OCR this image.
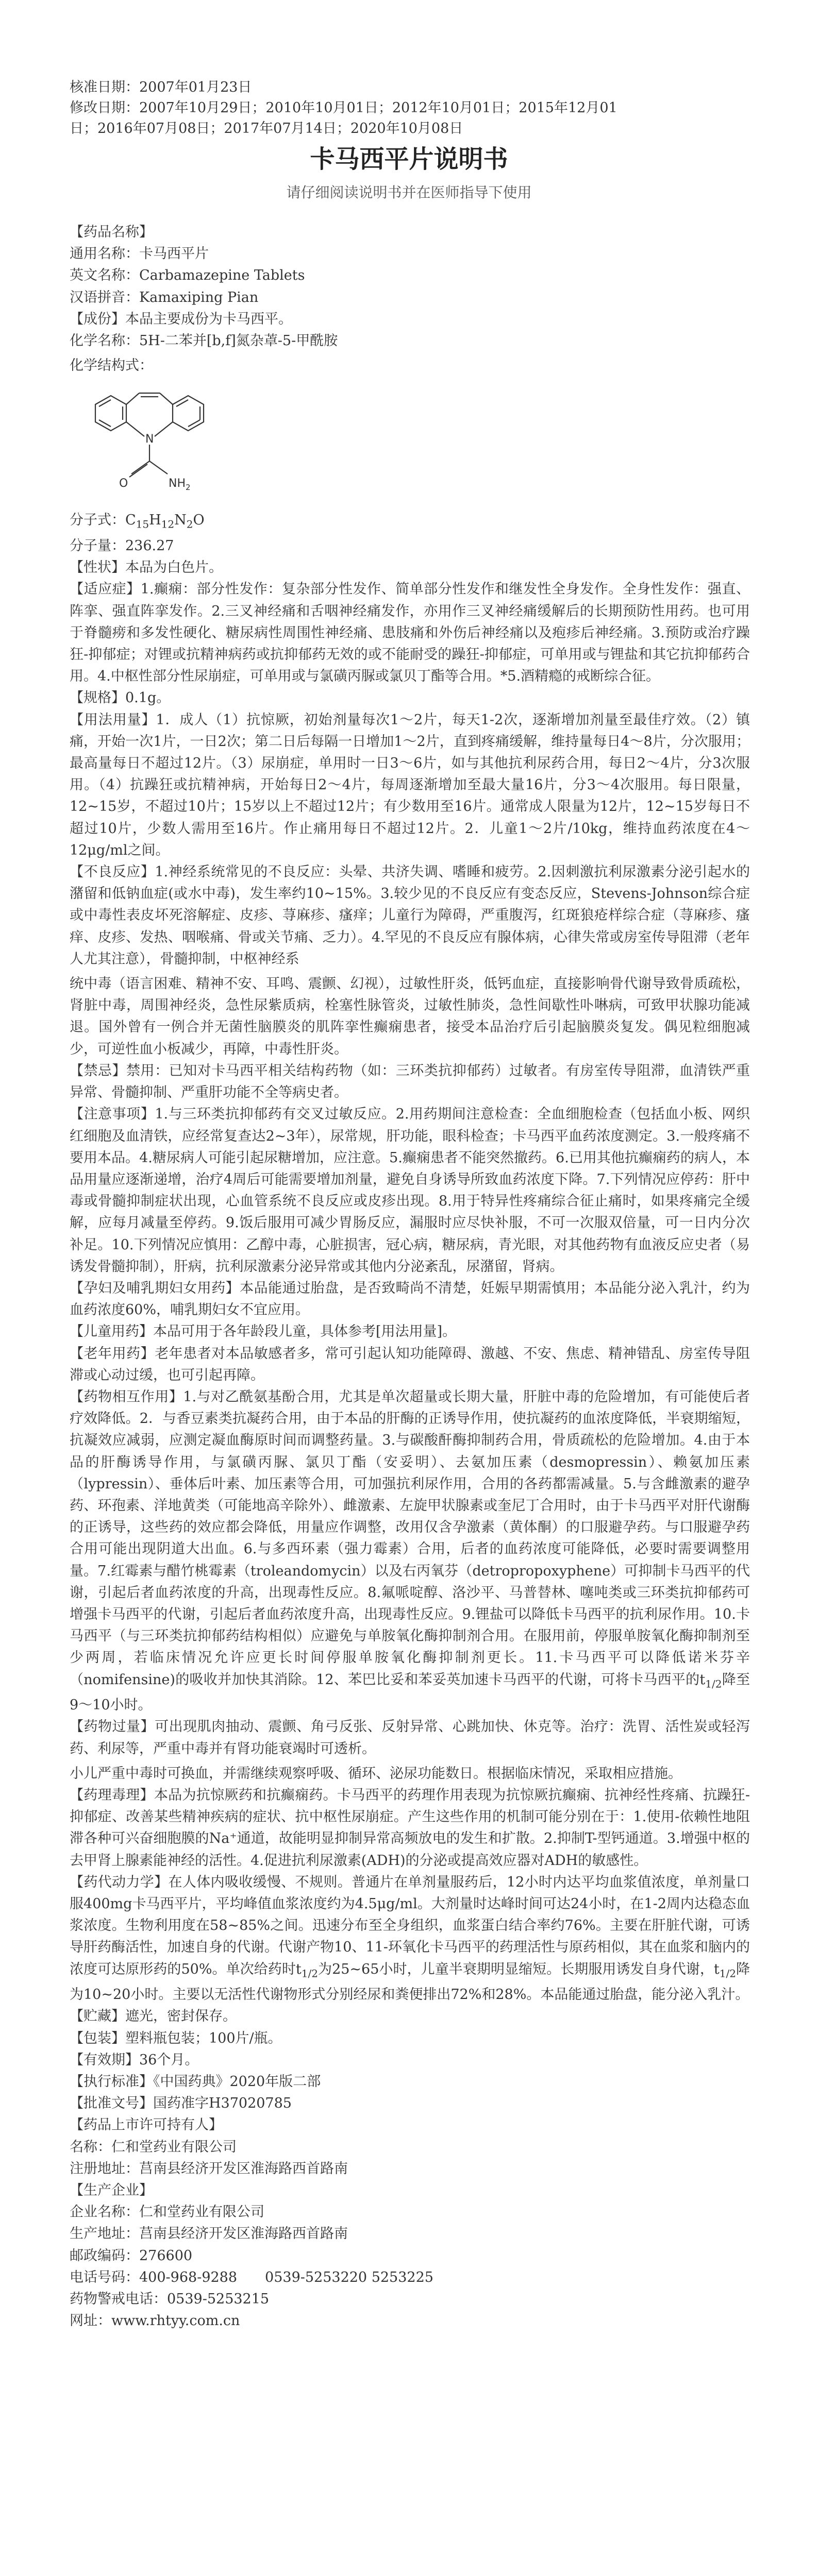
核准日期：2007年01月23日
修改日期：2007年10月29日；2010年10月01日；2012年10月01日；2015年12月01
日；2016年07月08日；2017年07月14日；2020年10月08日
卡马西平片说明书
请仔细阅读说明书并在医师指导下使用

【药品名称】

通用名称：卡马西平片

英文名称：Carbamazepine Tablets

汉语拼音：Kamaxiping Pian

【成份】本品主要成份为卡马西平。

化学名称：5H-二苯并[b,f]氮杂䓬-5-甲酰胺

化学结构式：

N
O	$NH_2$

分子式：$C_{15}H_{12}N_2O$

分子量：236.27

【性状】本品为白色片。

【适应症】1.癫痫：部分性发作：复杂部分性发作、简单部分性发作和继发性全身发作。全身性发作：强直、阵挛、强直阵挛发作。2.三叉神经痛和舌咽神经痛发作，亦用作三叉神经痛缓解后的长期预防性用药。也可用于脊髓痨和多发性硬化、糖尿病性周围性神经痛、患肢痛和外伤后神经痛以及疱疹后神经痛。3.预防或治疗躁狂-抑郁症；对锂或抗精神病药或抗抑郁药无效的或不能耐受的躁狂-抑郁症，可单用或与锂盐和其它抗抑郁药合用。4.中枢性部分性尿崩症，可单用或与氯磺丙脲或氯贝丁酯等合用。*5.酒精瘾的戒断综合征。

【规格】0.1g。

【用法用量】1．成人（1）抗惊厥，初始剂量每次1～2片，每天1-2次，逐渐增加剂量至最佳疗效。（2）镇痛，开始一次1片，一日2次；第二日后每隔一日增加1～2片，直到疼痛缓解，维持量每日4～8片，分次服用；最高量每日不超过12片。（3）尿崩症，单用时一日3～6片，如与其他抗利尿药合用，每日2～4片，分3次服用。（4）抗躁狂或抗精神病，开始每日2～4片，每周逐渐增加至最大量16片，分3～4次服用。每日限量，12~15岁，不超过10片；15岁以上不超过12片；有少数用至16片。通常成人限量为12片，12~15岁每日不超过10片，少数人需用至16片。作止痛用每日不超过12片。2．儿童1～2片/10kg，维持血药浓度在4～12μg/ml之间。

【不良反应】1.神经系统常见的不良反应：头晕、共济失调、嗜睡和疲劳。2.因刺激抗利尿激素分泌引起水的潴留和低钠血症(或水中毒)，发生率约10~15%。3.较少见的不良反应有变态反应，Stevens-Johnson综合症或中毒性表皮坏死溶解症、皮疹、荨麻疹、瘙痒；儿童行为障碍，严重腹泻，红斑狼疮样综合症（荨麻疹、瘙痒、皮疹、发热、咽喉痛、骨或关节痛、乏力）。4.罕见的不良反应有腺体病，心律失常或房室传导阻滞（老年人尤其注意），骨髓抑制，中枢神经系

统中毒（语言困难、精神不安、耳鸣、震颤、幻视），过敏性肝炎，低钙血症，直接影响骨代谢导致骨质疏松，肾脏中毒，周围神经炎，急性尿紫质病，栓塞性脉管炎，过敏性肺炎，急性间歇性卟啉病，可致甲状腺功能减退。国外曾有一例合并无菌性脑膜炎的肌阵挛性癫痫患者，接受本品治疗后引起脑膜炎复发。偶见粒细胞减少，可逆性血小板减少，再障，中毒性肝炎。

【禁忌】禁用：已知对卡马西平相关结构药物（如：三环类抗抑郁药）过敏者。有房室传导阻滞，血清铁严重异常、骨髓抑制、严重肝功能不全等病史者。

【注意事项】1.与三环类抗抑郁药有交叉过敏反应。2.用药期间注意检查：全血细胞检查（包括血小板、网织红细胞及血清铁，应经常复查达2~3年），尿常规，肝功能，眼科检查；卡马西平血药浓度测定。3.一般疼痛不要用本品。4.糖尿病人可能引起尿糖增加，应注意。5.癫痫患者不能突然撤药。6.已用其他抗癫痫药的病人，本品用量应逐渐递增，治疗4周后可能需要增加剂量，避免自身诱导所致血药浓度下降。7.下列情况应停药：肝中毒或骨髓抑制症状出现，心血管系统不良反应或皮疹出现。8.用于特异性疼痛综合征止痛时，如果疼痛完全缓解，应每月减量至停药。9.饭后服用可减少胃肠反应，漏服时应尽快补服，不可一次服双倍量，可一日内分次补足。10.下列情况应慎用：乙醇中毒，心脏损害，冠心病，糖尿病，青光眼，对其他药物有血液反应史者（易诱发骨髓抑制），肝病，抗利尿激素分泌异常或其他内分泌紊乱，尿潴留，肾病。

【孕妇及哺乳期妇女用药】本品能通过胎盘，是否致畸尚不清楚，妊娠早期需慎用；本品能分泌入乳汁，约为血药浓度60%，哺乳期妇女不宜应用。

【儿童用药】本品可用于各年龄段儿童，具体参考[用法用量]。

【老年用药】老年患者对本品敏感者多，常可引起认知功能障碍、激越、不安、焦虑、精神错乱、房室传导阻滞或心动过缓，也可引起再障。

【药物相互作用】1.与对乙酰氨基酚合用，尤其是单次超量或长期大量，肝脏中毒的危险增加，有可能使后者疗效降低。2．与香豆素类抗凝药合用，由于本品的肝酶的正诱导作用，使抗凝药的血浓度降低，半衰期缩短，抗凝效应减弱，应测定凝血酶原时间而调整药量。3.与碳酸酐酶抑制药合用，骨质疏松的危险增加。4.由于本品的肝酶诱导作用，与氯磺丙脲、氯贝丁酯（安妥明）、去氨加压素（desmopressin）、赖氨加压素（lypressin）、垂体后叶素、加压素等合用，可加强抗利尿作用，合用的各药都需减量。5.与含雌激素的避孕药、环孢素、洋地黄类（可能地高辛除外）、雌激素、左旋甲状腺素或奎尼丁合用时，由于卡马西平对肝代谢酶的正诱导，这些药的效应都会降低，用量应作调整，改用仅含孕激素（黄体酮）的口服避孕药。与口服避孕药合用可能出现阴道大出血。6.与多西环素（强力霉素）合用，后者的血药浓度可能降低，必要时需要调整用量。7.红霉素与醋竹桃霉素（troleandomycin）以及右丙氧芬（detropropoxyphene）可抑制卡马西平的代谢，引起后者血药浓度的升高，出现毒性反应。8.氟哌啶醇、洛沙平、马普替林、噻吨类或三环类抗抑郁药可增强卡马西平的代谢，引起后者血药浓度升高，出现毒性反应。9.锂盐可以降低卡马西平的抗利尿作用。10.卡马西平（与三环类抗抑郁药结构相似）应避免与单胺氧化酶抑制剂合用。在服用前，停服单胺氧化酶抑制剂至少两周，若临床情况允许应更长时间停服单胺氧化酶抑制剂更长。11.卡马西平可以降低诺米芬辛（nomifensine)的吸收并加快其消除。12、苯巴比妥和苯妥英加速卡马西平的代谢，可将卡马西平的$t_{1/2}$降至9～10小时。

【药物过量】可出现肌肉抽动、震颤、角弓反张、反射异常、心跳加快、休克等。治疗：洗胃、活性炭或轻泻药、利尿等，严重中毒并有肾功能衰竭时可透析。

小儿严重中毒时可换血，并需继续观察呼吸、循环、泌尿功能数日。根据临床情况，采取相应措施。

【药理毒理】本品为抗惊厥药和抗癫痫药。卡马西平的药理作用表现为抗惊厥抗癫痫、抗神经性疼痛、抗躁狂-抑郁症、改善某些精神疾病的症状、抗中枢性尿崩症。产生这些作用的机制可能分别在于：1.使用-依赖性地阻滞各种可兴奋细胞膜的Na⁺通道，故能明显抑制异常高频放电的发生和扩散。2.抑制T-型钙通道。3.增强中枢的去甲肾上腺素能神经的活性。4.促进抗利尿激素(ADH)的分泌或提高效应器对ADH的敏感性。

【药代动力学】在人体内吸收缓慢、不规则。普通片在单剂量服药后，12小时内达平均血浆值浓度，单剂量口服400mg卡马西平片，平均峰值血浆浓度约为4.5μg/ml。大剂量时达峰时间可达24小时，在1-2周内达稳态血浆浓度。生物利用度在58~85%之间。迅速分布至全身组织，血浆蛋白结合率约76%。主要在肝脏代谢，可诱导肝药酶活性，加速自身的代谢。代谢产物10、11-环氧化卡马西平的药理活性与原药相似，其在血浆和脑内的浓度可达原形药的50%。单次给药时$t_{1/2}$为25~65小时，儿童半衰期明显缩短。长期服用诱发自身代谢，$t_{1/2}$降为10~20小时。主要以无活性代谢物形式分别经尿和粪便排出72%和28%。本品能通过胎盘，能分泌入乳汁。

【贮藏】遮光，密封保存。

【包装】塑料瓶包装；100片/瓶。

【有效期】36个月。

【执行标准】《中国药典》2020年版二部

【批准文号】国药准字H37020785

【药品上市许可持有人】

名称：仁和堂药业有限公司

注册地址：莒南县经济开发区淮海路西首路南

【生产企业】

企业名称：仁和堂药业有限公司

生产地址：莒南县经济开发区淮海路西首路南

邮政编码：276600

电话号码：400-968-9288　　0539-5253220 5253225

药物警戒电话：0539-5253215

网址：www.rhtyy.com.cn
